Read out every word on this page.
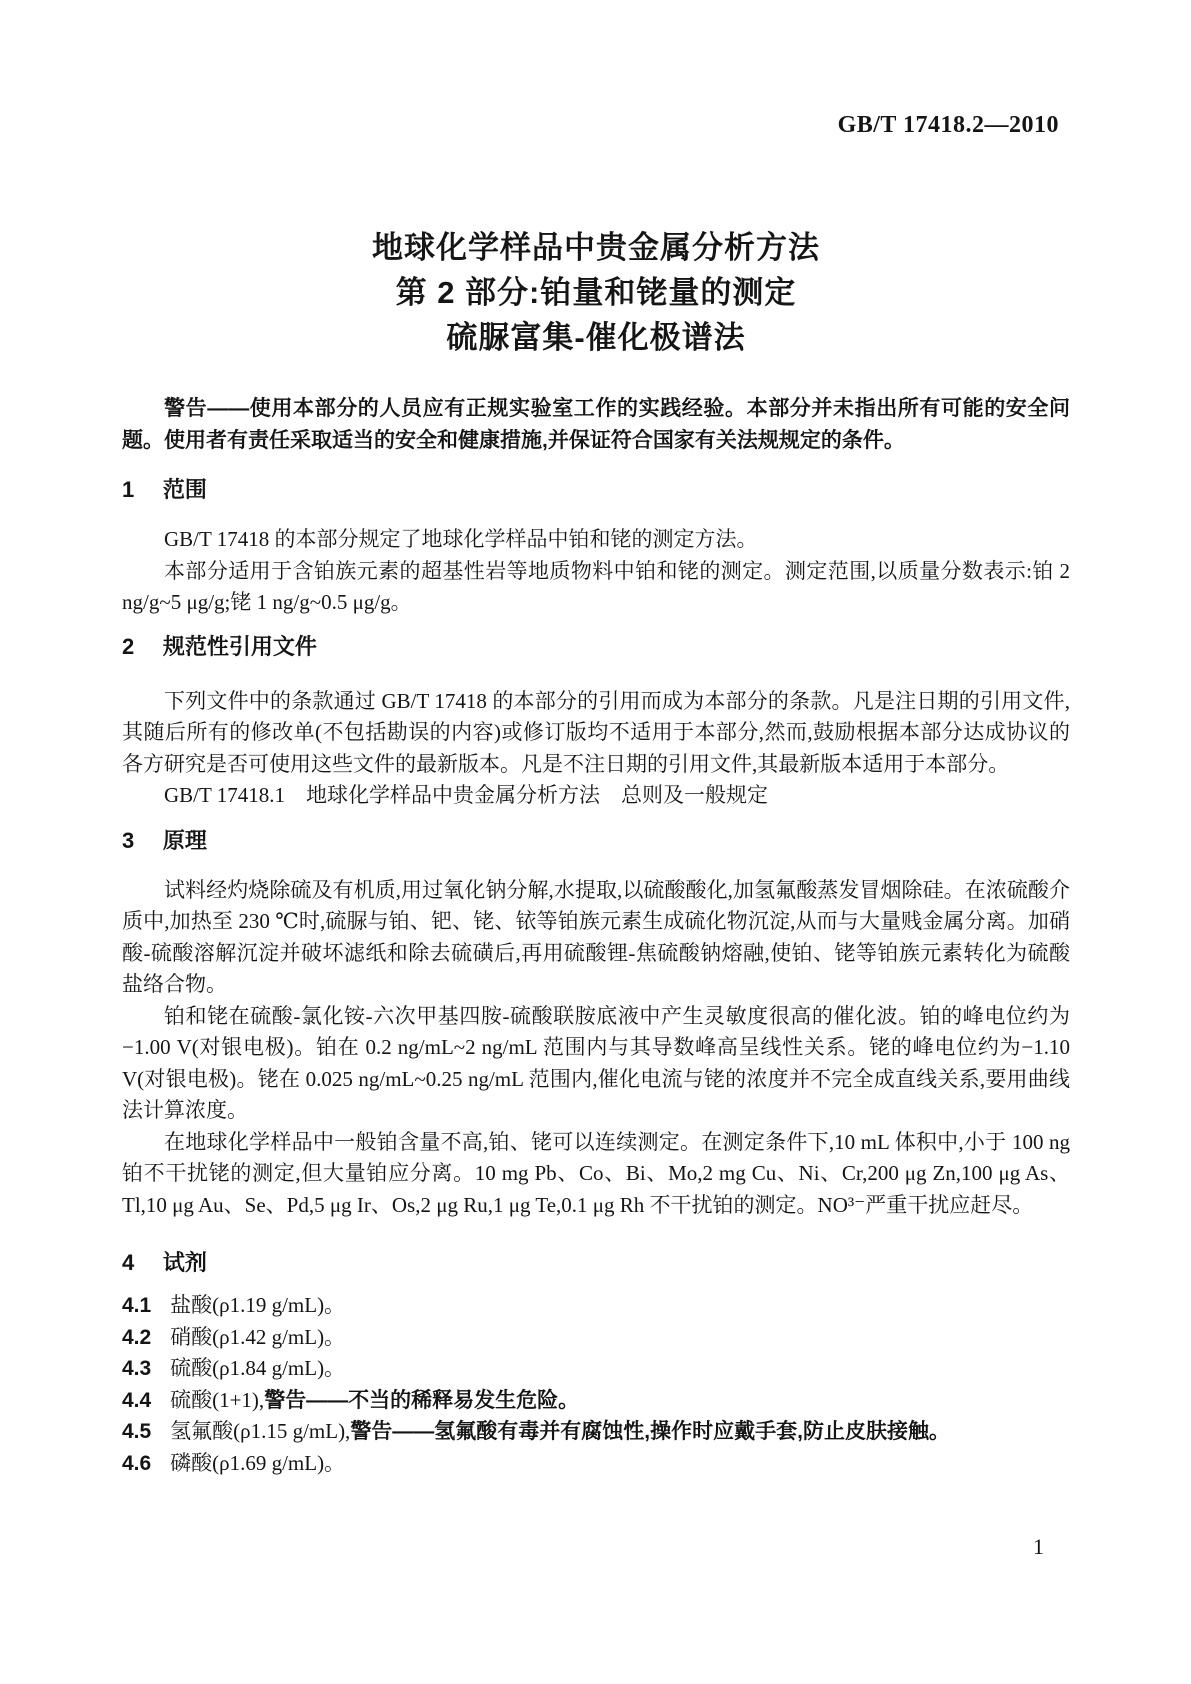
GB/T 17418.2—2010
地球化学样品中贵金属分析方法
第 2 部分:铂量和铑量的测定
硫脲富集-催化极谱法

警告——使用本部分的人员应有正规实验室工作的实践经验。本部分并未指出所有可能的安全问题。使用者有责任采取适当的安全和健康措施,并保证符合国家有关法规规定的条件。

1 范围

GB/T 17418 的本部分规定了地球化学样品中铂和铑的测定方法。

本部分适用于含铂族元素的超基性岩等地质物料中铂和铑的测定。测定范围,以质量分数表示:铂 2 ng/g~5 μg/g;铑 1 ng/g~0.5 μg/g。

2 规范性引用文件

下列文件中的条款通过 GB/T 17418 的本部分的引用而成为本部分的条款。凡是注日期的引用文件,其随后所有的修改单(不包括勘误的内容)或修订版均不适用于本部分,然而,鼓励根据本部分达成协议的各方研究是否可使用这些文件的最新版本。凡是不注日期的引用文件,其最新版本适用于本部分。

GB/T 17418.1　地球化学样品中贵金属分析方法　总则及一般规定

3 原理

试料经灼烧除硫及有机质,用过氧化钠分解,水提取,以硫酸酸化,加氢氟酸蒸发冒烟除硅。在浓硫酸介质中,加热至 230 ℃时,硫脲与铂、钯、铑、铱等铂族元素生成硫化物沉淀,从而与大量贱金属分离。加硝酸-硫酸溶解沉淀并破坏滤纸和除去硫磺后,再用硫酸锂-焦硫酸钠熔融,使铂、铑等铂族元素转化为硫酸盐络合物。

铂和铑在硫酸-氯化铵-六次甲基四胺-硫酸联胺底液中产生灵敏度很高的催化波。铂的峰电位约为−1.00 V(对银电极)。铂在 0.2 ng/mL~2 ng/mL 范围内与其导数峰高呈线性关系。铑的峰电位约为−1.10 V(对银电极)。铑在 0.025 ng/mL~0.25 ng/mL 范围内,催化电流与铑的浓度并不完全成直线关系,要用曲线法计算浓度。

在地球化学样品中一般铂含量不高,铂、铑可以连续测定。在测定条件下,10 mL 体积中,小于 100 ng 铂不干扰铑的测定,但大量铂应分离。10 mg Pb、Co、Bi、Mo,2 mg Cu、Ni、Cr,200 μg Zn,100 μg As、Tl,10 μg Au、Se、Pd,5 μg Ir、Os,2 μg Ru,1 μg Te,0.1 μg Rh 不干扰铂的测定。NO³⁻严重干扰应赶尽。

4 试剂
4.1 盐酸(ρ1.19 g/mL)。
4.2 硝酸(ρ1.42 g/mL)。
4.3 硫酸(ρ1.84 g/mL)。
4.4 硫酸(1+1),警告——不当的稀释易发生危险。
4.5 氢氟酸(ρ1.15 g/mL),警告——氢氟酸有毒并有腐蚀性,操作时应戴手套,防止皮肤接触。
4.6 磷酸(ρ1.69 g/mL)。
1
